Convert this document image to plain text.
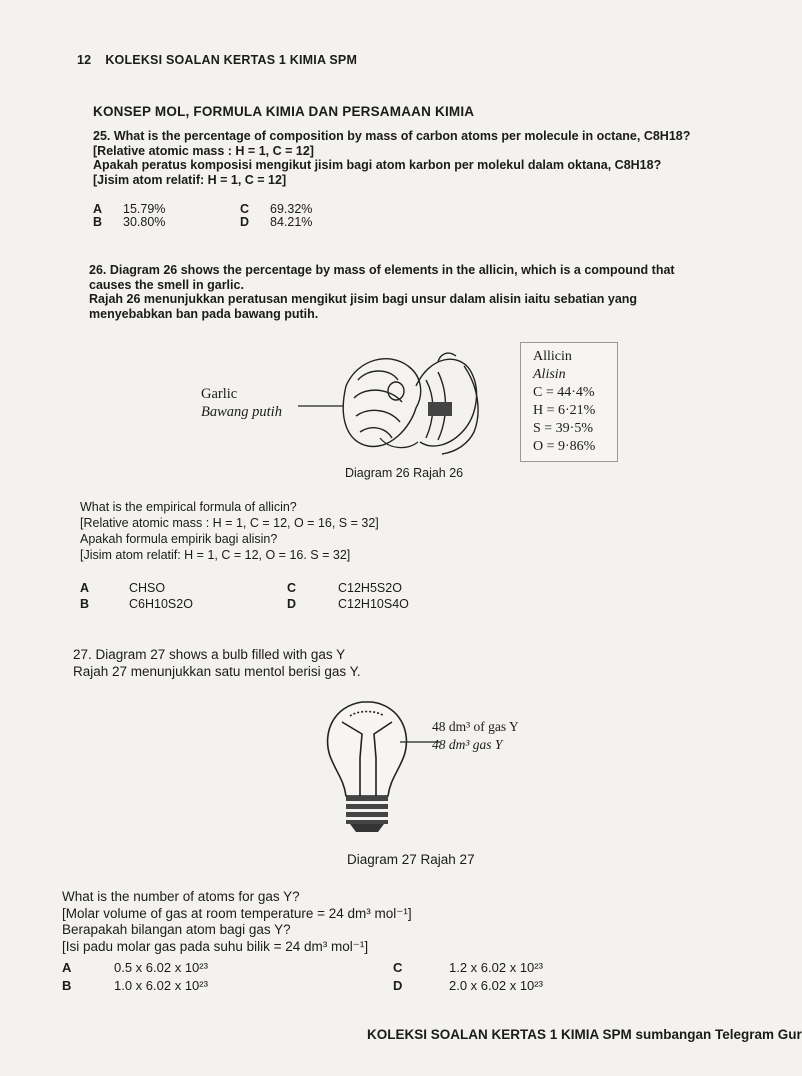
12 KOLEKSI SOALAN KERTAS 1 KIMIA SPM
KONSEP MOL, FORMULA KIMIA DAN PERSAMAAN KIMIA
25. What is the percentage of composition by mass of carbon atoms per molecule in octane, C8H18?
[Relative atomic mass : H = 1, C = 12]
Apakah peratus komposisi mengikut jisim bagi atom karbon per molekul dalam oktana, C8H18?
[Jisim atom relatif: H = 1, C = 12]
A 15.79%
B 30.80%
C 69.32%
D 84.21%
26. Diagram 26 shows the percentage by mass of elements in the allicin, which is a compound that
causes the smell in garlic.
Rajah 26 menunjukkan peratusan mengikut jisim bagi unsur dalam alisin iaitu sebatian yang
menyebabkan ban pada bawang putih.
Garlic
Bawang putih
Allicin
Alisin
C = 44·4%
H = 6·21%
S = 39·5%
O = 9·86%
Diagram 26 Rajah 26
What is the empirical formula of allicin?
[Relative atomic mass : H = 1, C = 12, O = 16, S = 32]
Apakah formula empirik bagi alisin?
[Jisim atom relatif: H = 1, C = 12, O = 16. S = 32]
A	CHSO
B	C6H10S2O
C	C12H5S2O
D	C12H10S4O
27. Diagram 27 shows a bulb filled with gas Y
Rajah 27 menunjukkan satu mentol berisi gas Y.
48 dm³ of gas Y
48 dm³ gas Y
Diagram 27 Rajah 27
What is the number of atoms for gas Y?
[Molar volume of gas at room temperature = 24 dm³ mol⁻¹]
Berapakah bilangan atom bagi gas Y?
[Isi padu molar gas pada suhu bilik = 24 dm³ mol⁻¹]
A	0.5 x 6.02 x 10²³
B	1.0 x 6.02 x 10²³
C	1.2 x 6.02 x 10²³
D	2.0 x 6.02 x 10²³
KOLEKSI SOALAN KERTAS 1 KIMIA SPM sumbangan Telegram Gur
